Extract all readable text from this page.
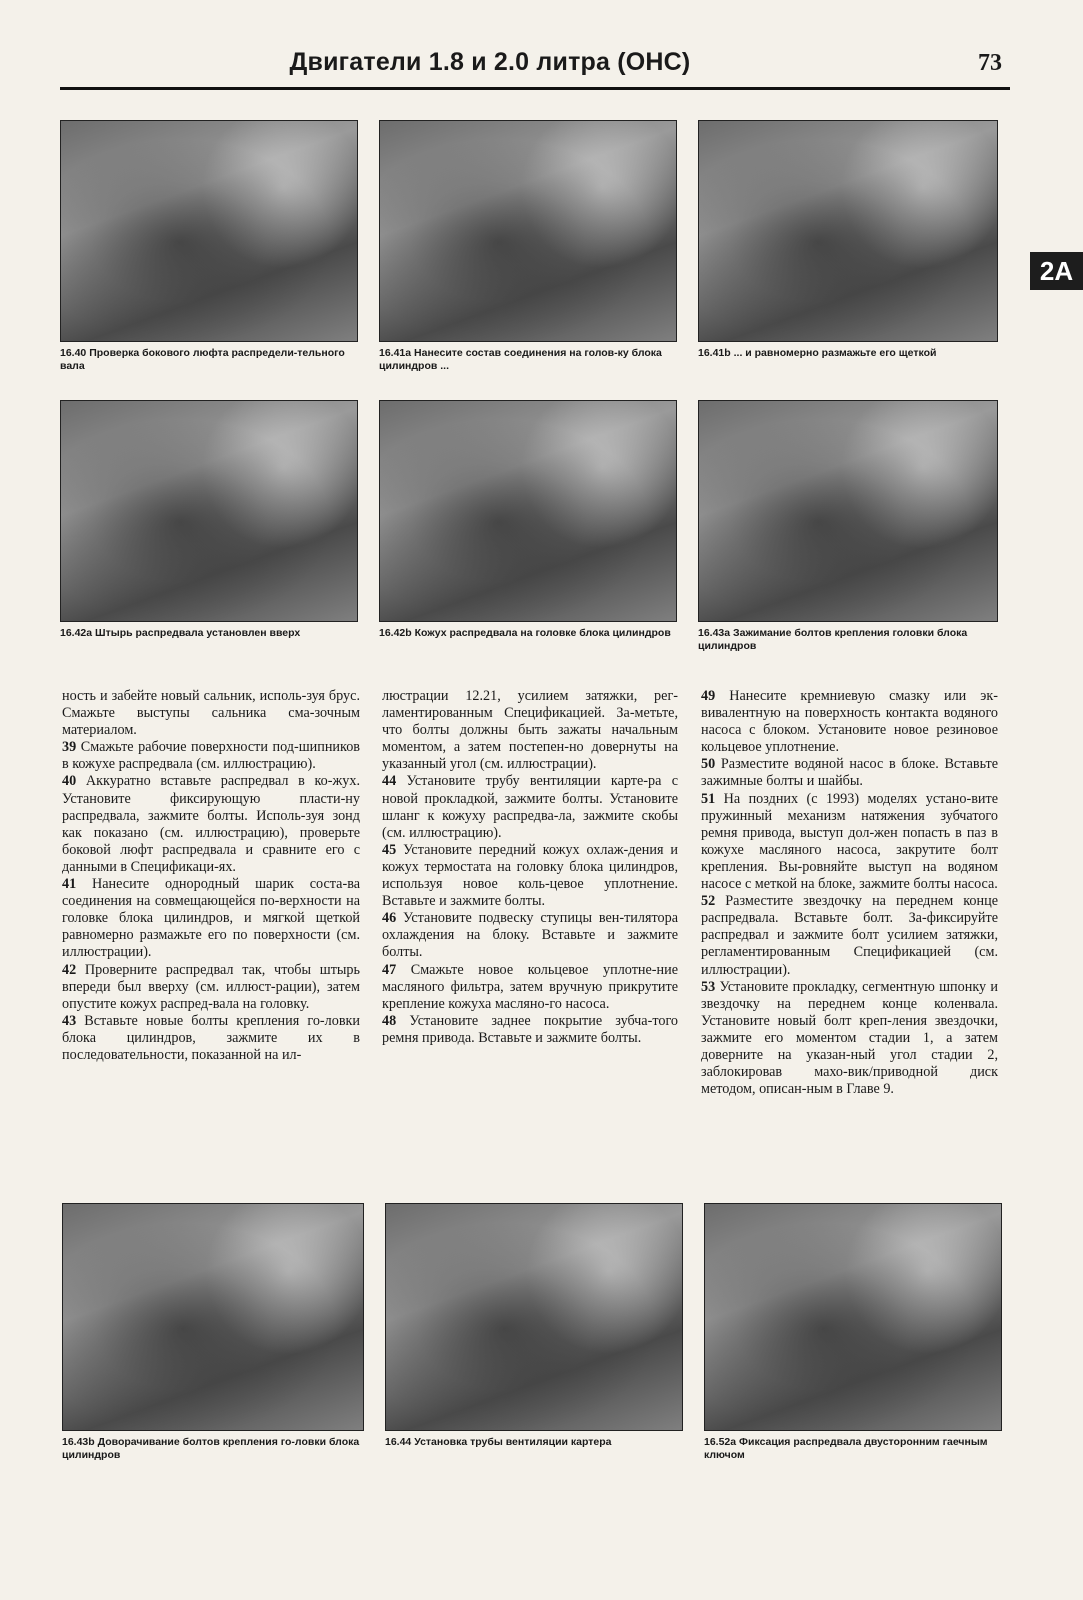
Двигатели 1.8 и 2.0 литра (OHC)	73
2A
16.40 Проверка бокового люфта распредели-тельного вала
16.41a Нанесите состав соединения на голов-ку блока цилиндров ...
16.41b ... и равномерно размажьте его щеткой
16.42a Штырь распредвала установлен вверх	16.42b Кожух распредвала на головке блока цилиндров	16.43a Зажимание болтов крепления головки блока цилиндров

ность и забейте новый сальник, исполь-зуя брус. Смажьте выступы сальника сма-зочным материалом.

39 Смажьте рабочие поверхности под-шипников в кожухе распредвала (см. иллюстрацию).

40 Аккуратно вставьте распредвал в ко-жух. Установите фиксирующую пласти-ну распредвала, зажмите болты. Исполь-зуя зонд как показано (см. иллюстрацию), проверьте боковой люфт распредвала и сравните его с данными в Спецификаци-ях.

41 Нанесите однородный шарик соста-ва соединения на совмещающейся по-верхности на головке блока цилиндров, и мягкой щеткой равномерно размажьте его по поверхности (см. иллюстрации).

42 Проверните распредвал так, чтобы штырь впереди был вверху (см. иллюст-рации), затем опустите кожух распред-вала на головку.

43 Вставьте новые болты крепления го-ловки блока цилиндров, зажмите их в последовательности, показанной на ил-

люстрации 12.21, усилием затяжки, рег-ламентированным Спецификацией. За-метьте, что болты должны быть зажаты начальным моментом, а затем постепен-но довернуты на указанный угол (см. иллюстрации).

44 Установите трубу вентиляции карте-ра с новой прокладкой, зажмите болты. Установите шланг к кожуху распредва-ла, зажмите скобы (см. иллюстрацию).

45 Установите передний кожух охлаж-дения и кожух термостата на головку блока цилиндров, используя новое коль-цевое уплотнение. Вставьте и зажмите болты.

46 Установите подвеску ступицы вен-тилятора охлаждения на блоку. Вставьте и зажмите болты.

47 Смажьте новое кольцевое уплотне-ние масляного фильтра, затем вручную прикрутите крепление кожуха масляно-го насоса.

48 Установите заднее покрытие зубча-того ремня привода. Вставьте и зажмите болты.

49 Нанесите кремниевую смазку или эк-вивалентную на поверхность контакта водяного насоса с блоком. Установите новое резиновое кольцевое уплотнение.

50 Разместите водяной насос в блоке. Вставьте зажимные болты и шайбы.

51 На поздних (с 1993) моделях устано-вите пружинный механизм натяжения зубчатого ремня привода, выступ дол-жен попасть в паз в кожухе масляного насоса, закрутите болт крепления. Вы-ровняйте выступ на водяном насосе с меткой на блоке, зажмите болты насоса.

52 Разместите звездочку на переднем конце распредвала. Вставьте болт. За-фиксируйте распредвал и зажмите болт усилием затяжки, регламентированным Спецификацией (см. иллюстрации).

53 Установите прокладку, сегментную шпонку и звездочку на переднем конце коленвала. Установите новый болт креп-ления звездочки, зажмите его моментом стадии 1, а затем доверните на указан-ный угол стадии 2, заблокировав махо-вик/приводной диск методом, описан-ным в Главе 9.

16.43b Доворачивание болтов крепления го-ловки блока цилиндров
16.44 Установка трубы вентиляции картера	16.52a Фиксация распредвала двусторонним гаечным ключом
